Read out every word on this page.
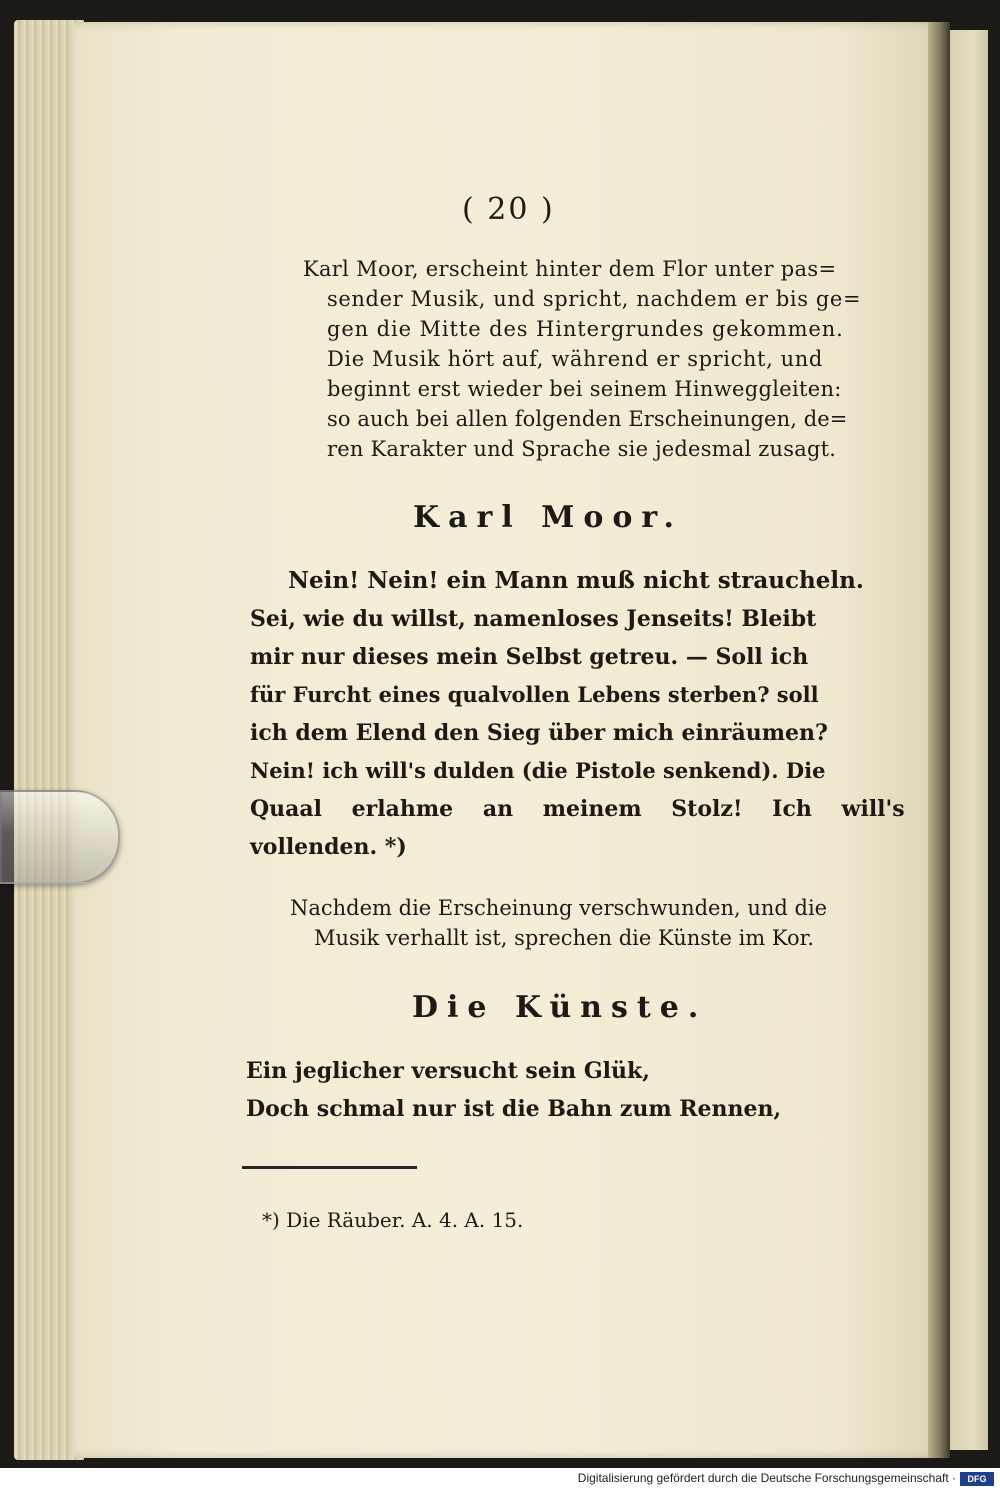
( 20 )
Karl Moor, erscheint hinter dem Flor unter pas=
sender Musik, und spricht, nachdem er bis ge=
gen die Mitte des Hintergrundes gekommen.
Die Musik hört auf, während er spricht, und
beginnt erst wieder bei seinem Hinweggleiten:
so auch bei allen folgenden Erscheinungen, de=
ren Karakter und Sprache sie jedesmal zusagt.
Karl Moor.
Nein! Nein! ein Mann muß nicht straucheln.
Sei, wie du willst, namenloses Jenseits! Bleibt
mir nur dieses mein Selbst getreu. — Soll ich
für Furcht eines qualvollen Lebens sterben? soll
ich dem Elend den Sieg über mich einräumen?
Nein! ich will's dulden (die Pistole senkend). Die
Quaal erlahme an meinem Stolz! Ich will's
vollenden. *)
Nachdem die Erscheinung verschwunden, und die
Musik verhallt ist, sprechen die Künste im Kor.
Die Künste.
Ein jeglicher versucht sein Glük,
Doch schmal nur ist die Bahn zum Rennen,
*) Die Räuber. A. 4. A. 15.
Digitalisierung gefördert durch die Deutsche Forschungsgemeinschaft ·	DFG
